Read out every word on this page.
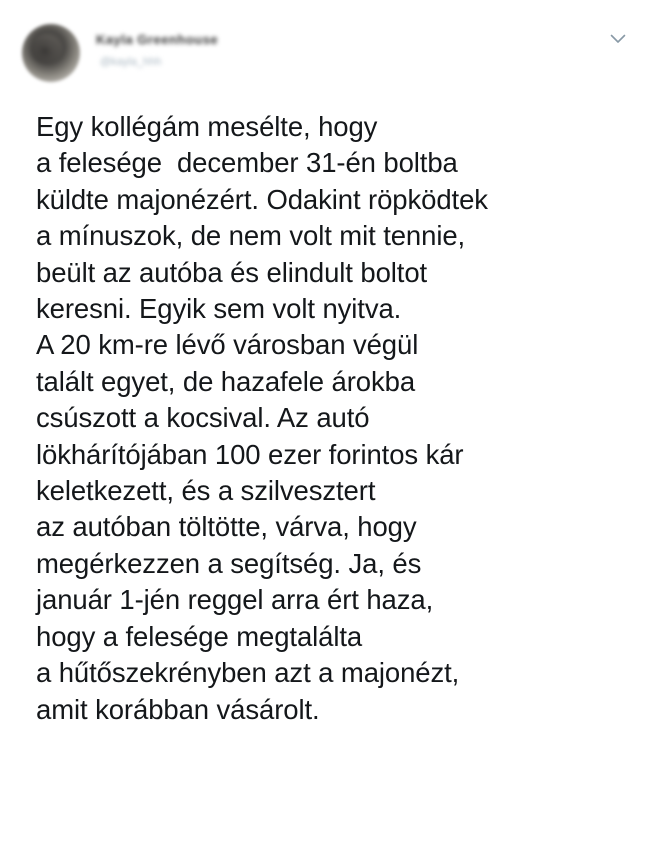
Kayla Greenhouse
@kayla_hhh
Egy kollégám mesélte, hogy
a felesége  december 31-én boltba
küldte majonézért. Odakint röpködtek
a mínuszok, de nem volt mit tennie,
beült az autóba és elindult boltot
keresni. Egyik sem volt nyitva.
A 20 km-re lévő városban végül
talált egyet, de hazafele árokba
csúszott a kocsival. Az autó
lökhárítójában 100 ezer forintos kár
keletkezett, és a szilvesztert
az autóban töltötte, várva, hogy
megérkezzen a segítség. Ja, és
január 1-jén reggel arra ért haza,
hogy a felesége megtalálta
a hűtőszekrényben azt a majonézt,
amit korábban vásárolt.
